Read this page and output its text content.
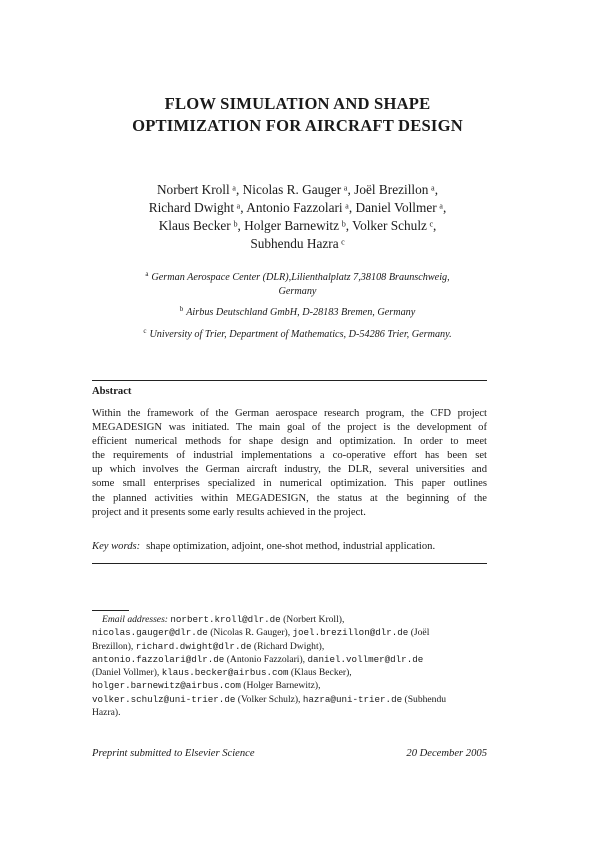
FLOW SIMULATION AND SHAPE
OPTIMIZATION FOR AIRCRAFT DESIGN
Norbert Kroll ᵃ, Nicolas R. Gauger ᵃ, Joël Brezillon ᵃ,
Richard Dwight ᵃ, Antonio Fazzolari ᵃ, Daniel Vollmer ᵃ,
Klaus Becker ᵇ, Holger Barnewitz ᵇ, Volker Schulz ᶜ,
Subhendu Hazra ᶜ
$^a$ German Aerospace Center (DLR),Lilienthalplatz 7,38108 Braunschweig,
Germany
$^b$ Airbus Deutschland GmbH, D-28183 Bremen, Germany
$^c$ University of Trier, Department of Mathematics, D-54286 Trier, Germany.
Abstract
Within the framework of the German aerospace research program, the CFD project
MEGADESIGN was initiated. The main goal of the project is the development of
efficient numerical methods for shape design and optimization. In order to meet
the requirements of industrial implementations a co-operative effort has been set
up which involves the German aircraft industry, the DLR, several universities and
some small enterprises specialized in numerical optimization. This paper outlines
the planned activities within MEGADESIGN, the status at the beginning of the
project and it presents some early results achieved in the project.
Key words: shape optimization, adjoint, one-shot method, industrial application.
Email addresses: norbert.kroll@dlr.de (Norbert Kroll),
nicolas.gauger@dlr.de (Nicolas R. Gauger), joel.brezillon@dlr.de (Joël
Brezillon), richard.dwight@dlr.de (Richard Dwight),
antonio.fazzolari@dlr.de (Antonio Fazzolari), daniel.vollmer@dlr.de
(Daniel Vollmer), klaus.becker@airbus.com (Klaus Becker),
holger.barnewitz@airbus.com (Holger Barnewitz),
volker.schulz@uni-trier.de (Volker Schulz), hazra@uni-trier.de (Subhendu
Hazra).
Preprint submitted to Elsevier Science	20 December 2005
